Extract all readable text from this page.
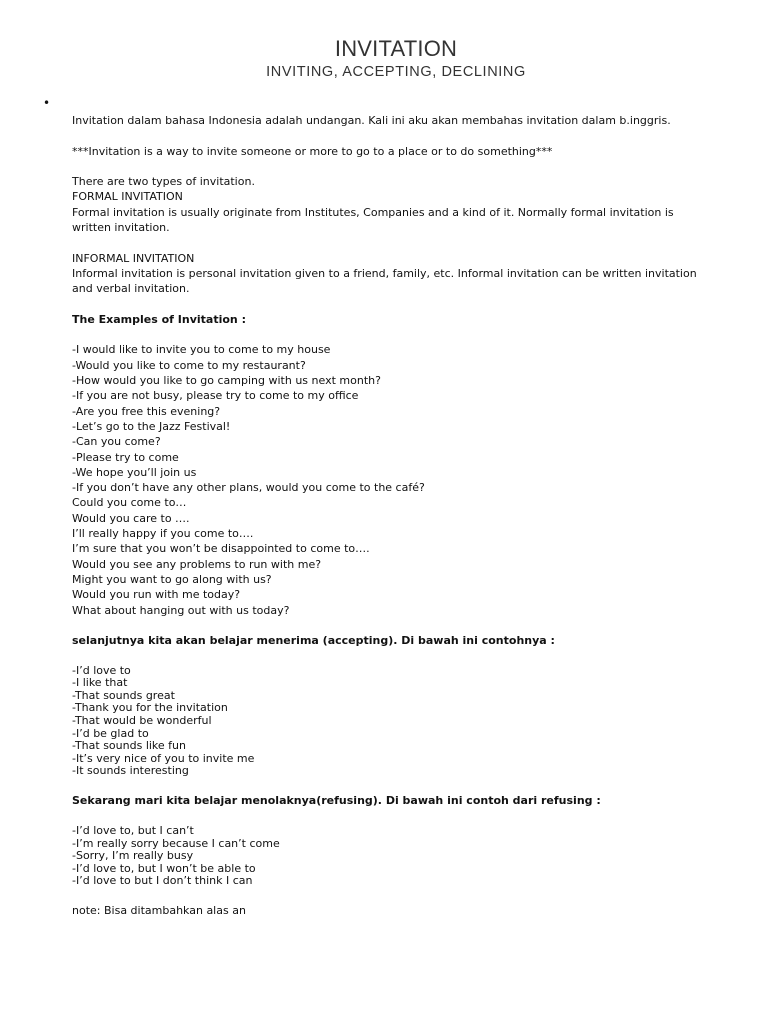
INVITATION
INVITING, ACCEPTING, DECLINING
•

Invitation dalam bahasa Indonesia adalah undangan. Kali ini aku akan membahas invitation dalam b.inggris.

***Invitation is a way to invite someone or more to go to a place or to do something***

There are two types of invitation.

FORMAL INVITATION

Formal invitation is usually originate from Institutes, Companies and a kind of it. Normally formal invitation is written invitation.

INFORMAL INVITATION

Informal invitation is personal invitation given to a friend, family, etc. Informal invitation can be written invitation and verbal invitation.

The Examples of Invitation :

-I would like to invite you to come to my house

-Would you like to come to my restaurant?

-How would you like to go camping with us next month?

-If you are not busy, please try to come to my office

-Are you free this evening?

-Let’s go to the Jazz Festival!

-Can you come?

-Please try to come

-We hope you’ll join us

-If you don’t have any other plans, would you come to the café?

Could you come to…

Would you care to ….

I’ll really happy if you come to….

I’m sure that you won’t be disappointed to come to….

Would you see any problems to run with me?

Might you want to go along with us?

Would you run with me today?

What about hanging out with us today?

selanjutnya kita akan belajar menerima (accepting). Di bawah ini contohnya :

-I’d love to

-I like that

-That sounds great

-Thank you for the invitation

-That would be wonderful

-I’d be glad to

-That sounds like fun

-It’s very nice of you to invite me

-It sounds interesting

Sekarang mari kita belajar menolaknya(refusing). Di bawah ini contoh dari refusing :

-I’d love to, but I can’t

-I’m really sorry because I can’t come

-Sorry, I’m really busy

-I’d love to, but I won’t be able to

-I’d love to but I don’t think I can

note: Bisa ditambahkan alas an
